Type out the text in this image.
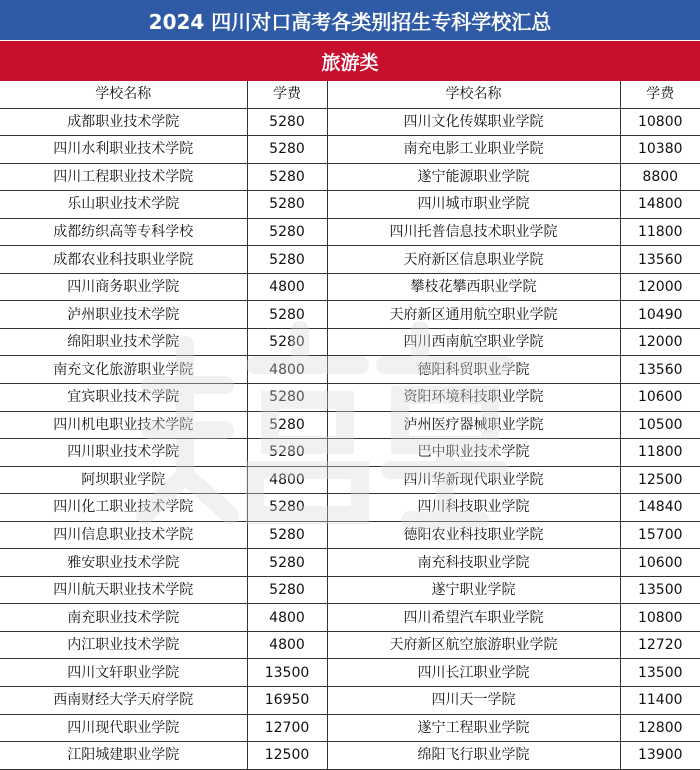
2024 四川对口高考各类别招生专科学校汇总
旅游类
学校名称	学费	学校名称	学费
成都职业技术学院	5280	四川文化传媒职业学院	10800
四川水利职业技术学院	5280	南充电影工业职业学院	10380
四川工程职业技术学院	5280	遂宁能源职业学院	8800
乐山职业技术学院	5280	四川城市职业学院	14800
成都纺织高等专科学校	5280	四川托普信息技术职业学院	11800
成都农业科技职业学院	5280	天府新区信息职业学院	13560
四川商务职业学院	4800	攀枝花攀西职业学院	12000
泸州职业技术学院	5280	天府新区通用航空职业学院	10490
绵阳职业技术学院	5280	四川西南航空职业学院	12000
南充文化旅游职业学院	4800	德阳科贸职业学院	13560
宜宾职业技术学院	5280	资阳环境科技职业学院	10600
四川机电职业技术学院	5280	泸州医疗器械职业学院	10500
四川职业技术学院	5280	巴中职业技术学院	11800
阿坝职业学院	4800	四川华新现代职业学院	12500
四川化工职业技术学院	5280	四川科技职业学院	14840
四川信息职业技术学院	5280	德阳农业科技职业学院	15700
雅安职业技术学院	5280	南充科技职业学院	10600
四川航天职业技术学院	5280	遂宁职业学院	13500
南充职业技术学院	4800	四川希望汽车职业学院	10800
内江职业技术学院	4800	天府新区航空旅游职业学院	12720
四川文轩职业学院	13500	四川长江职业学院	13500
西南财经大学天府学院	16950	四川天一学院	11400
四川现代职业学院	12700	遂宁工程职业学院	12800
江阳城建职业学院	12500	绵阳飞行职业学院	13900
